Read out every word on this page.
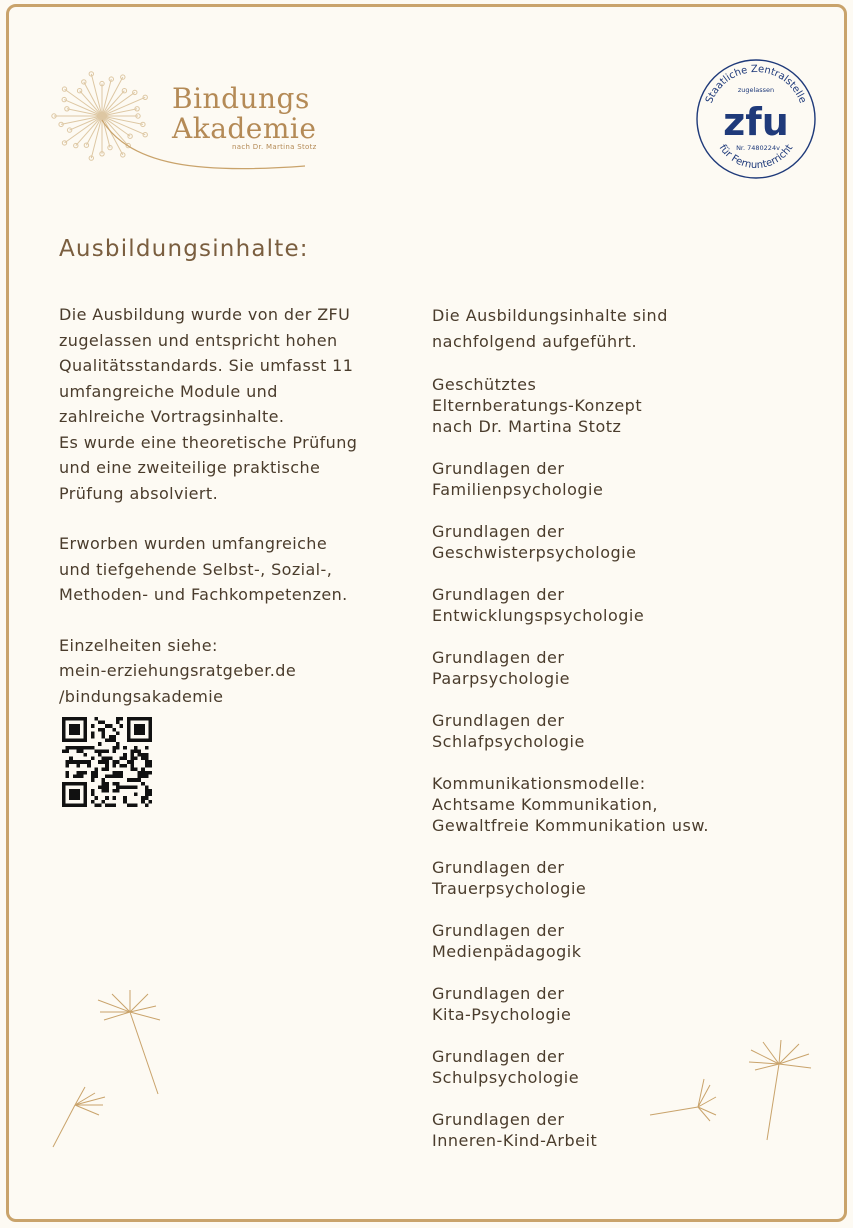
Bindungs
Akademie
nach Dr. Martina Stotz
Staatliche Zentralstelle
zugelassen
zfu
Nr. 7480224v
für Fernunterricht
Ausbildungsinhalte:

Die Ausbildung wurde von der ZFU
zugelassen und entspricht hohen
Qualitätsstandards. Sie umfasst 11
umfangreiche Module und
zahlreiche Vortragsinhalte.
Es wurde eine theoretische Prüfung
und eine zweiteilige praktische
Prüfung absolviert.

Erworben wurden umfangreiche
und tiefgehende Selbst-, Sozial-,
Methoden- und Fachkompetenzen.

Einzelheiten siehe:
mein-erziehungsratgeber.de
/bindungsakademie

Die Ausbildungsinhalte sind
nachfolgend aufgeführt.
Geschütztes
Elternberatungs-Konzept
nach Dr. Martina Stotz
Grundlagen der
Familienpsychologie
Grundlagen der
Geschwisterpsychologie
Grundlagen der
Entwicklungspsychologie
Grundlagen der
Paarpsychologie
Grundlagen der
Schlafpsychologie
Kommunikationsmodelle:
Achtsame Kommunikation,
Gewaltfreie Kommunikation usw.
Grundlagen der
Trauerpsychologie
Grundlagen der
Medienpädagogik
Grundlagen der
Kita-Psychologie
Grundlagen der
Schulpsychologie
Grundlagen der
Inneren-Kind-Arbeit
